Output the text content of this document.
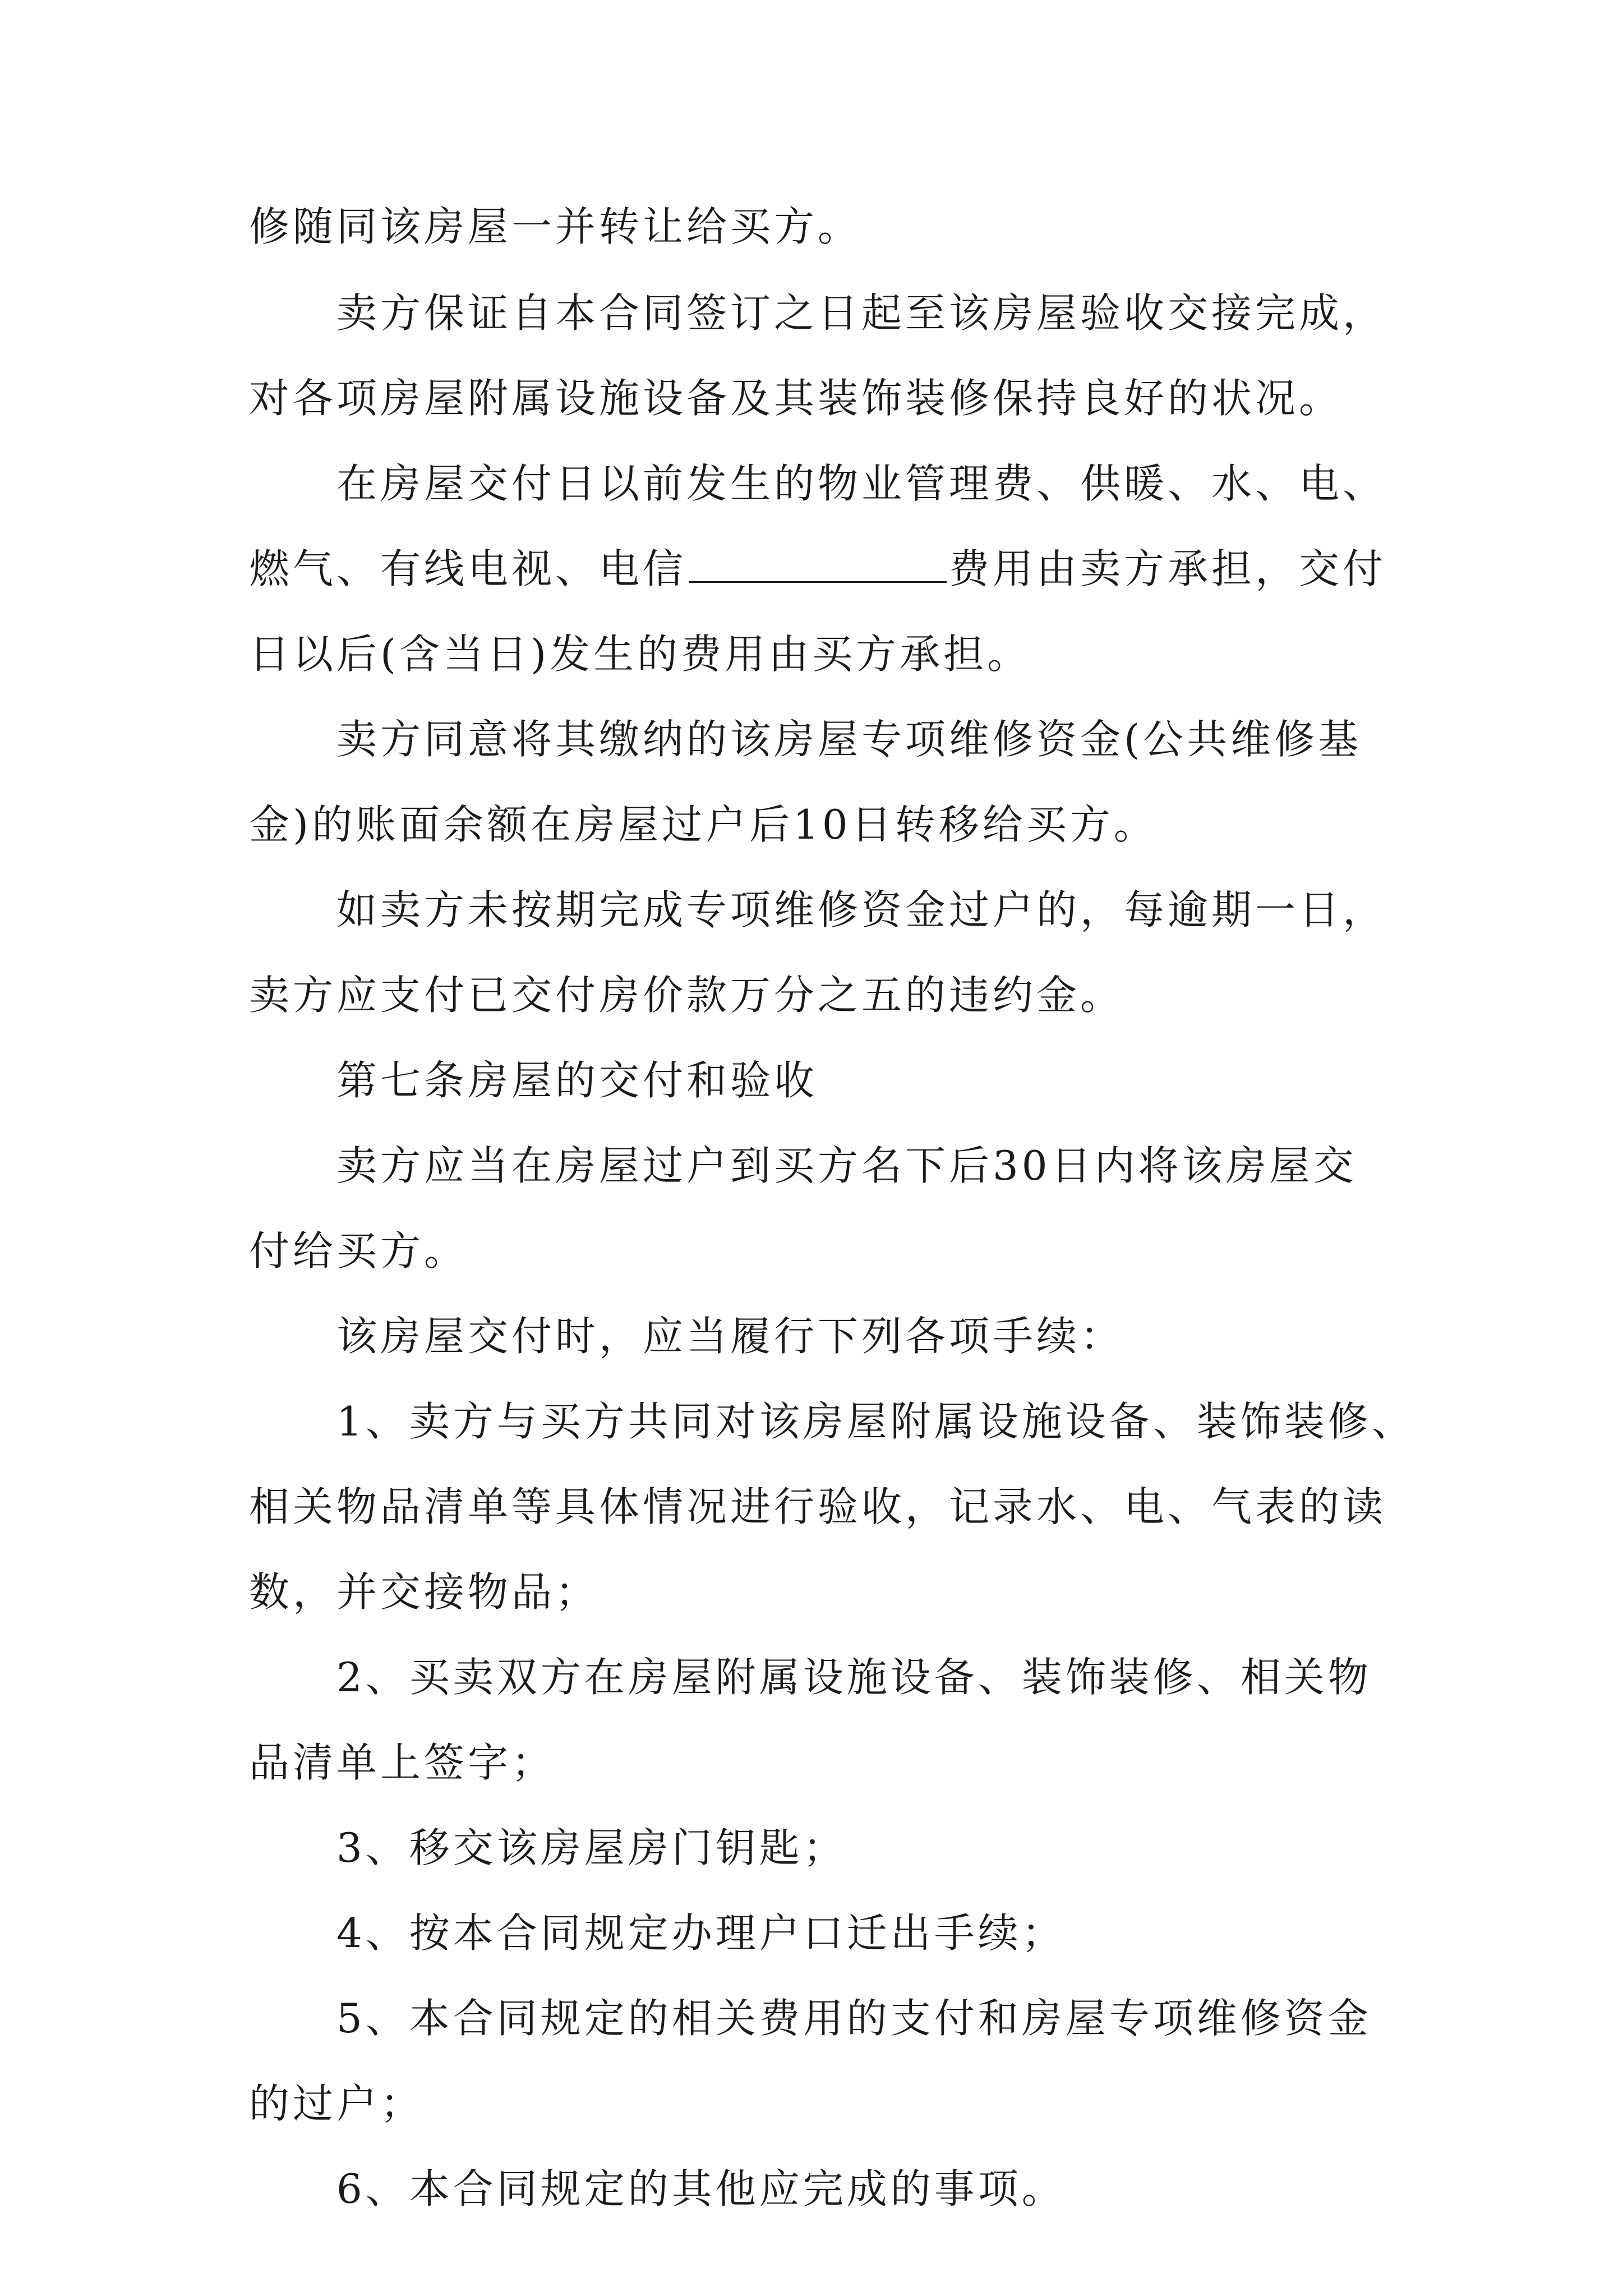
修随同该房屋一并转让给买方。
卖方保证自本合同签订之日起至该房屋验收交接完成，
对各项房屋附属设施设备及其装饰装修保持良好的状况。
在房屋交付日以前发生的物业管理费、供暖、水、电、
燃气、有线电视、电信	费用由卖方承担，交付
日以后(含当日)发生的费用由买方承担。
卖方同意将其缴纳的该房屋专项维修资金(公共维修基
金)的账面余额在房屋过户后10日转移给买方。
如卖方未按期完成专项维修资金过户的，每逾期一日，
卖方应支付已交付房价款万分之五的违约金。
第七条房屋的交付和验收
卖方应当在房屋过户到买方名下后30日内将该房屋交
付给买方。
该房屋交付时，应当履行下列各项手续：
1、卖方与买方共同对该房屋附属设施设备、装饰装修、
相关物品清单等具体情况进行验收，记录水、电、气表的读
数，并交接物品；
2、买卖双方在房屋附属设施设备、装饰装修、相关物
品清单上签字；
3、移交该房屋房门钥匙；
4、按本合同规定办理户口迁出手续；
5、本合同规定的相关费用的支付和房屋专项维修资金
的过户；
6、本合同规定的其他应完成的事项。
